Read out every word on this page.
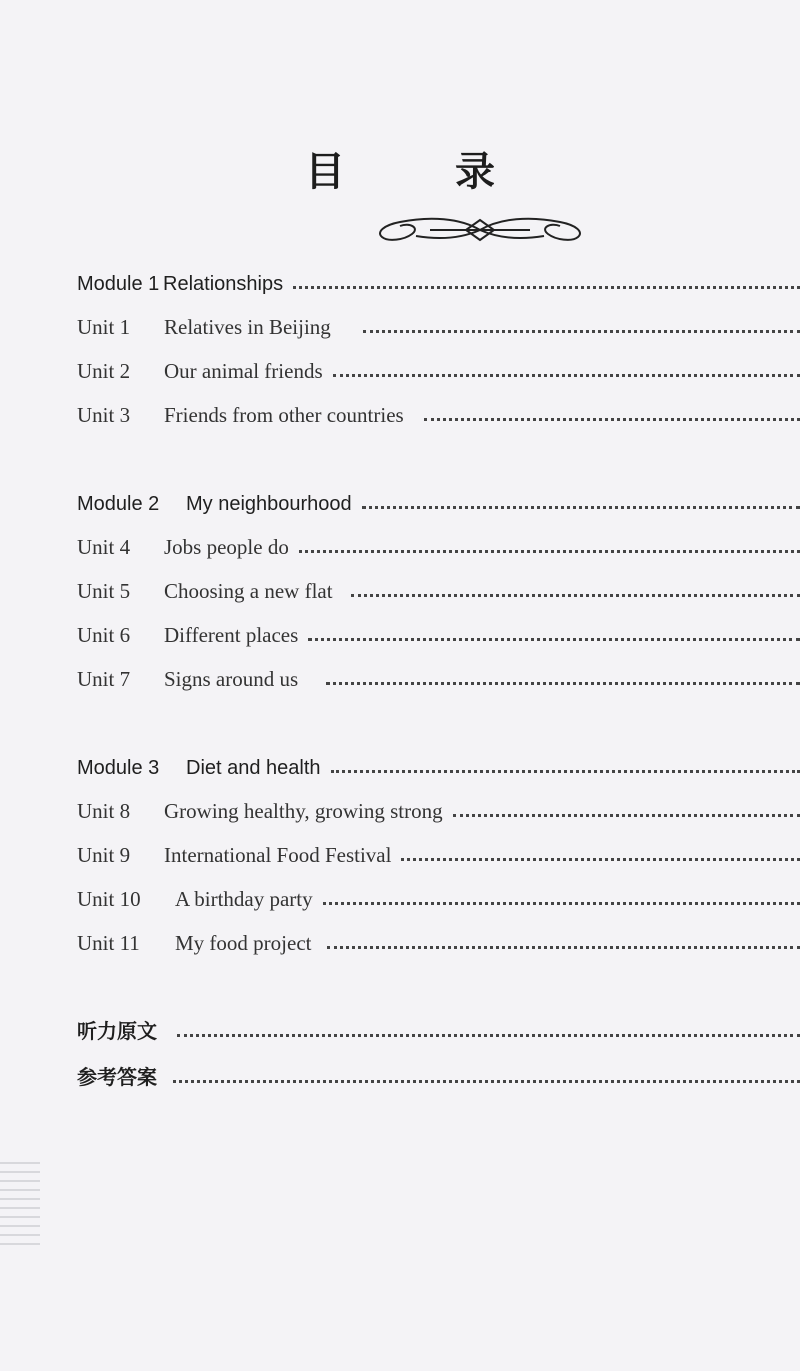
目 录
Module 1 Relationships
Unit 1 Relatives in Beijing
Unit 2 Our animal friends
Unit 3 Friends from other countries
Module 2 My neighbourhood
Unit 4 Jobs people do
Unit 5 Choosing a new flat
Unit 6 Different places
Unit 7 Signs around us
Module 3 Diet and health
Unit 8 Growing healthy, growing strong
Unit 9 International Food Festival
Unit 10 A birthday party
Unit 11 My food project
听力原文
参考答案
